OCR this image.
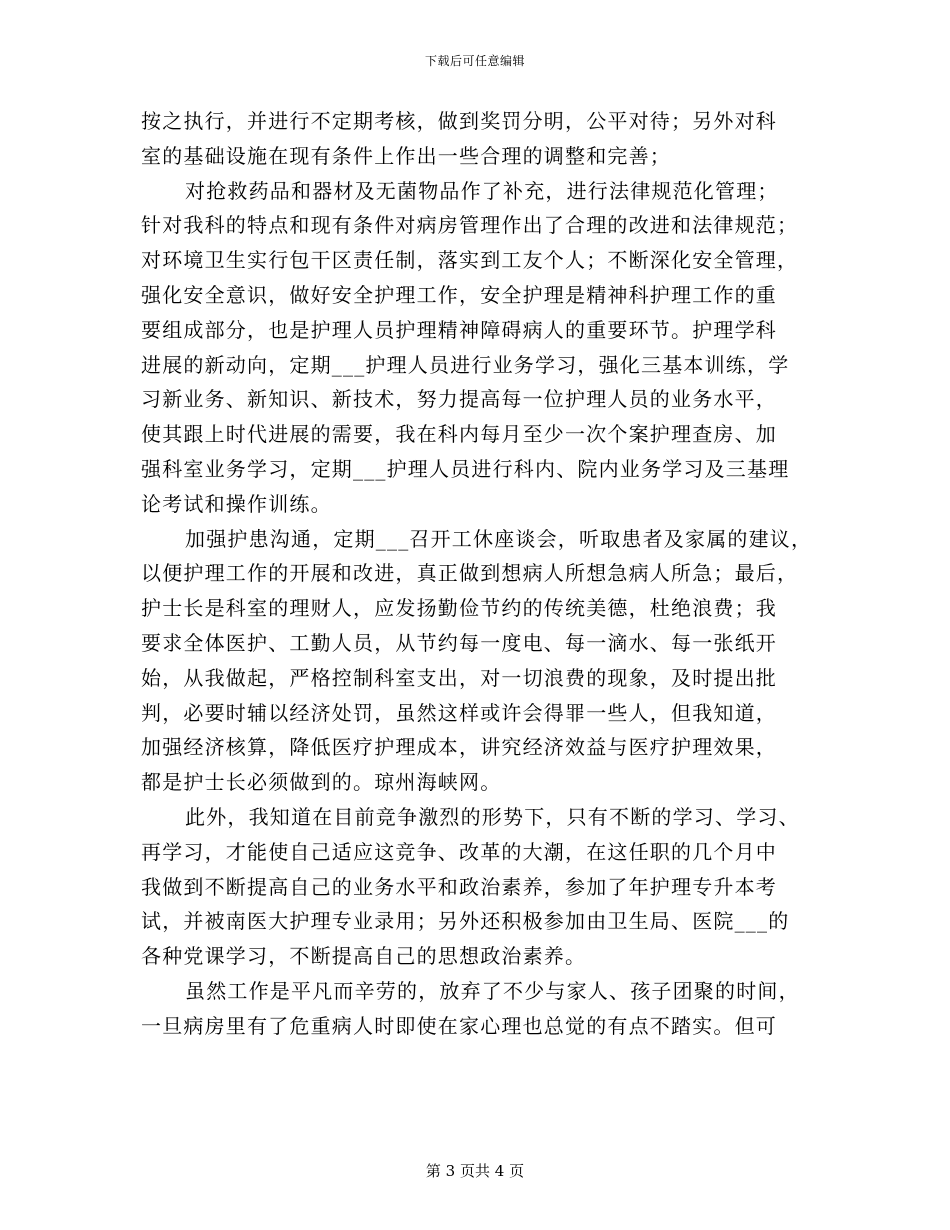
下载后可任意编辑
按之执行，并进行不定期考核，做到奖罚分明，公平对待；另外对科
室的基础设施在现有条件上作出一些合理的调整和完善；
对抢救药品和器材及无菌物品作了补充，进行法律规范化管理；
针对我科的特点和现有条件对病房管理作出了合理的改进和法律规范；
对环境卫生实行包干区责任制，落实到工友个人；不断深化安全管理，
强化安全意识，做好安全护理工作，安全护理是精神科护理工作的重
要组成部分，也是护理人员护理精神障碍病人的重要环节。护理学科
进展的新动向，定期___护理人员进行业务学习，强化三基本训练，学
习新业务、新知识、新技术，努力提高每一位护理人员的业务水平，
使其跟上时代进展的需要，我在科内每月至少一次个案护理查房、加
强科室业务学习，定期___护理人员进行科内、院内业务学习及三基理
论考试和操作训练。
加强护患沟通，定期___召开工休座谈会，听取患者及家属的建议，
以便护理工作的开展和改进，真正做到想病人所想急病人所急；最后，
护士长是科室的理财人，应发扬勤俭节约的传统美德，杜绝浪费；我
要求全体医护、工勤人员，从节约每一度电、每一滴水、每一张纸开
始，从我做起，严格控制科室支出，对一切浪费的现象，及时提出批
判，必要时辅以经济处罚，虽然这样或许会得罪一些人，但我知道，
加强经济核算，降低医疗护理成本，讲究经济效益与医疗护理效果，
都是护士长必须做到的。琼州海峡网。
此外，我知道在目前竞争激烈的形势下，只有不断的学习、学习、
再学习，才能使自己适应这竞争、改革的大潮，在这任职的几个月中
我做到不断提高自己的业务水平和政治素养，参加了年护理专升本考
试，并被南医大护理专业录用；另外还积极参加由卫生局、医院___的
各种党课学习，不断提高自己的思想政治素养。
虽然工作是平凡而辛劳的，放弃了不少与家人、孩子团聚的时间，
一旦病房里有了危重病人时即使在家心理也总觉的有点不踏实。但可
第 3 页共 4 页
